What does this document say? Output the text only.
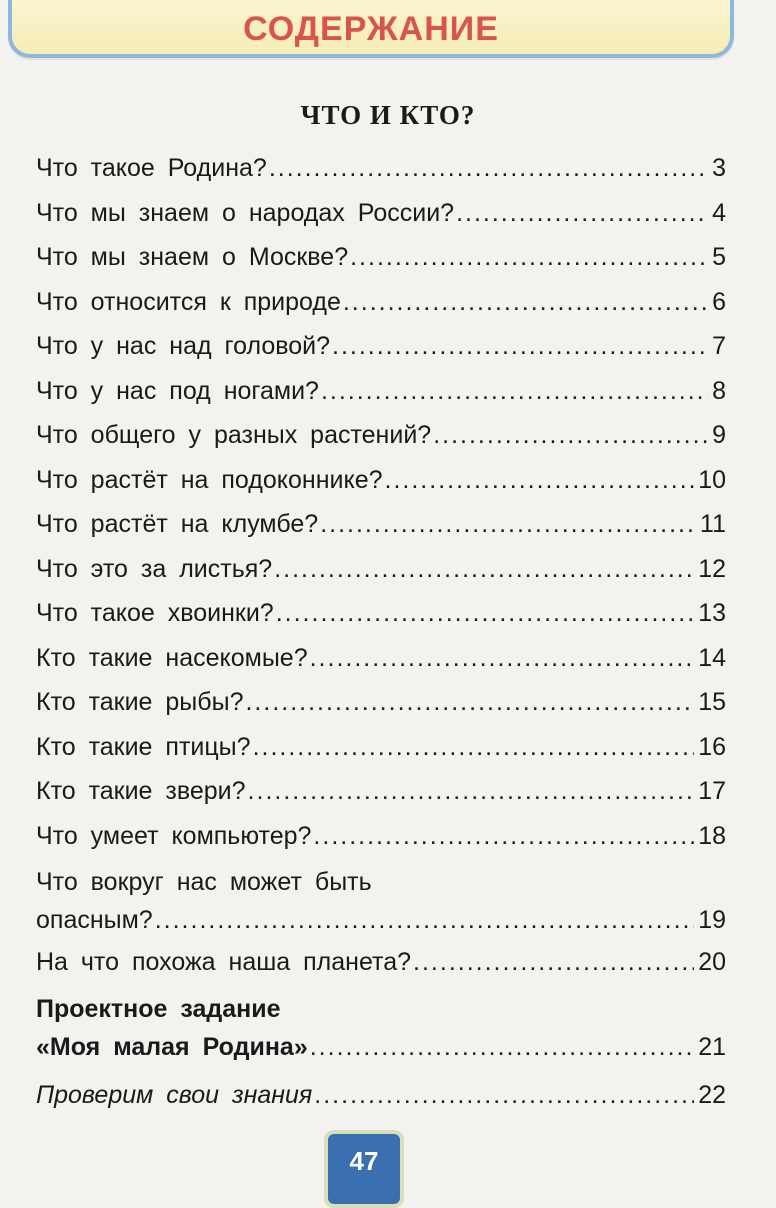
СОДЕРЖАНИЕ
ЧТО И КТО?
Что такое Родина? .....	3
Что мы знаем о народах России? .....	4
Что мы знаем о Москве? .....	5
Что относится к природе .....	6
Что у нас над головой? .....	7
Что у нас под ногами? .....	8
Что общего у разных растений? .....	9
Что растёт на подоконнике? .....	10
Что растёт на клумбе? .....	11
Что это за листья? .....	12
Что такое хвоинки? .....	13
Кто такие насекомые? .....	14
Кто такие рыбы? .....	15
Кто такие птицы? .....	16
Кто такие звери? .....	17
Что умеет компьютер? .....	18
Что вокруг нас может быть
опасным? .....	19
На что похожа наша планета? .....	20
Проектное задание
«Моя малая Родина» .....	21
Проверим свои знания .....	22
47
